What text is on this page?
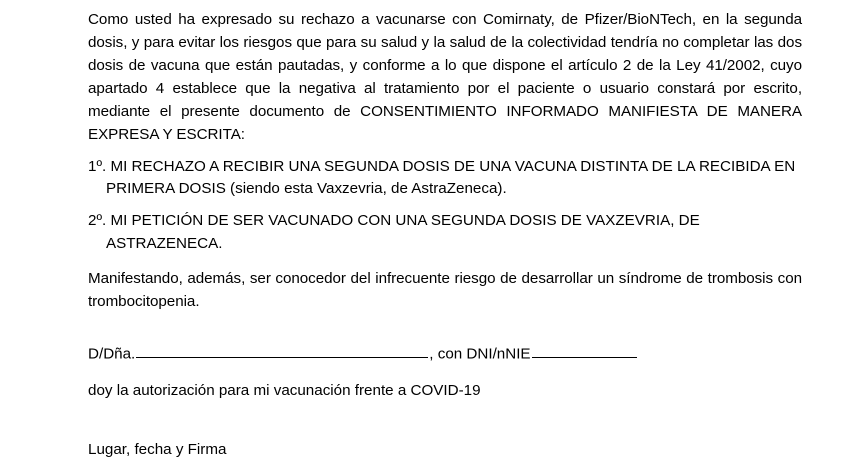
Como usted ha expresado su rechazo a vacunarse con Comirnaty, de Pfizer/BioNTech, en la segunda dosis, y para evitar los riesgos que para su salud y la salud de la colectividad tendría no completar las dos dosis de vacuna que están pautadas, y conforme a lo que dispone el artículo 2 de la Ley 41/2002, cuyo apartado 4 establece que la negativa al tratamiento por el paciente o usuario constará por escrito, mediante el presente documento de CONSENTIMIENTO INFORMADO MANIFIESTA DE MANERA EXPRESA Y ESCRITA:

1º. MI RECHAZO A RECIBIR UNA SEGUNDA DOSIS DE UNA VACUNA DISTINTA DE LA RECIBIDA EN PRIMERA DOSIS (siendo esta Vaxzevria, de AstraZeneca).

2º. MI PETICIÓN DE SER VACUNADO CON UNA SEGUNDA DOSIS DE VAXZEVRIA, DE ASTRAZENECA.

Manifestando, además, ser conocedor del infrecuente riesgo de desarrollar un síndrome de trombosis con trombocitopenia.

D/Dña.	, con DNI/nNIE
doy la autorización para mi vacunación frente a COVID-19
Lugar, fecha y Firma
